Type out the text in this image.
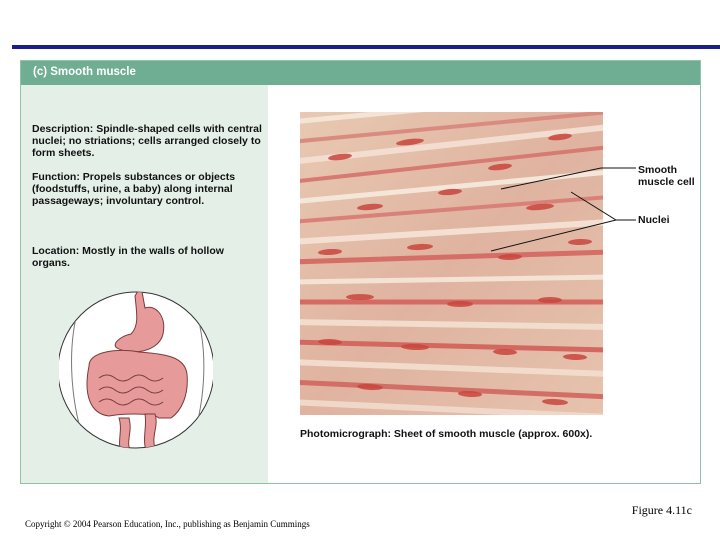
(c) Smooth muscle
Description: Spindle-shaped cells with central nuclei; no striations; cells arranged closely to form sheets.
Function: Propels substances or objects (foodstuffs, urine, a baby) along internal passageways; involuntary control.
Location: Mostly in the walls of hollow organs.
Smooth muscle cell
Nuclei
Photomicrograph: Sheet of smooth muscle (approx. 600x).
Figure 4.11c
Copyright © 2004 Pearson Education, Inc., publishing as Benjamin Cummings
